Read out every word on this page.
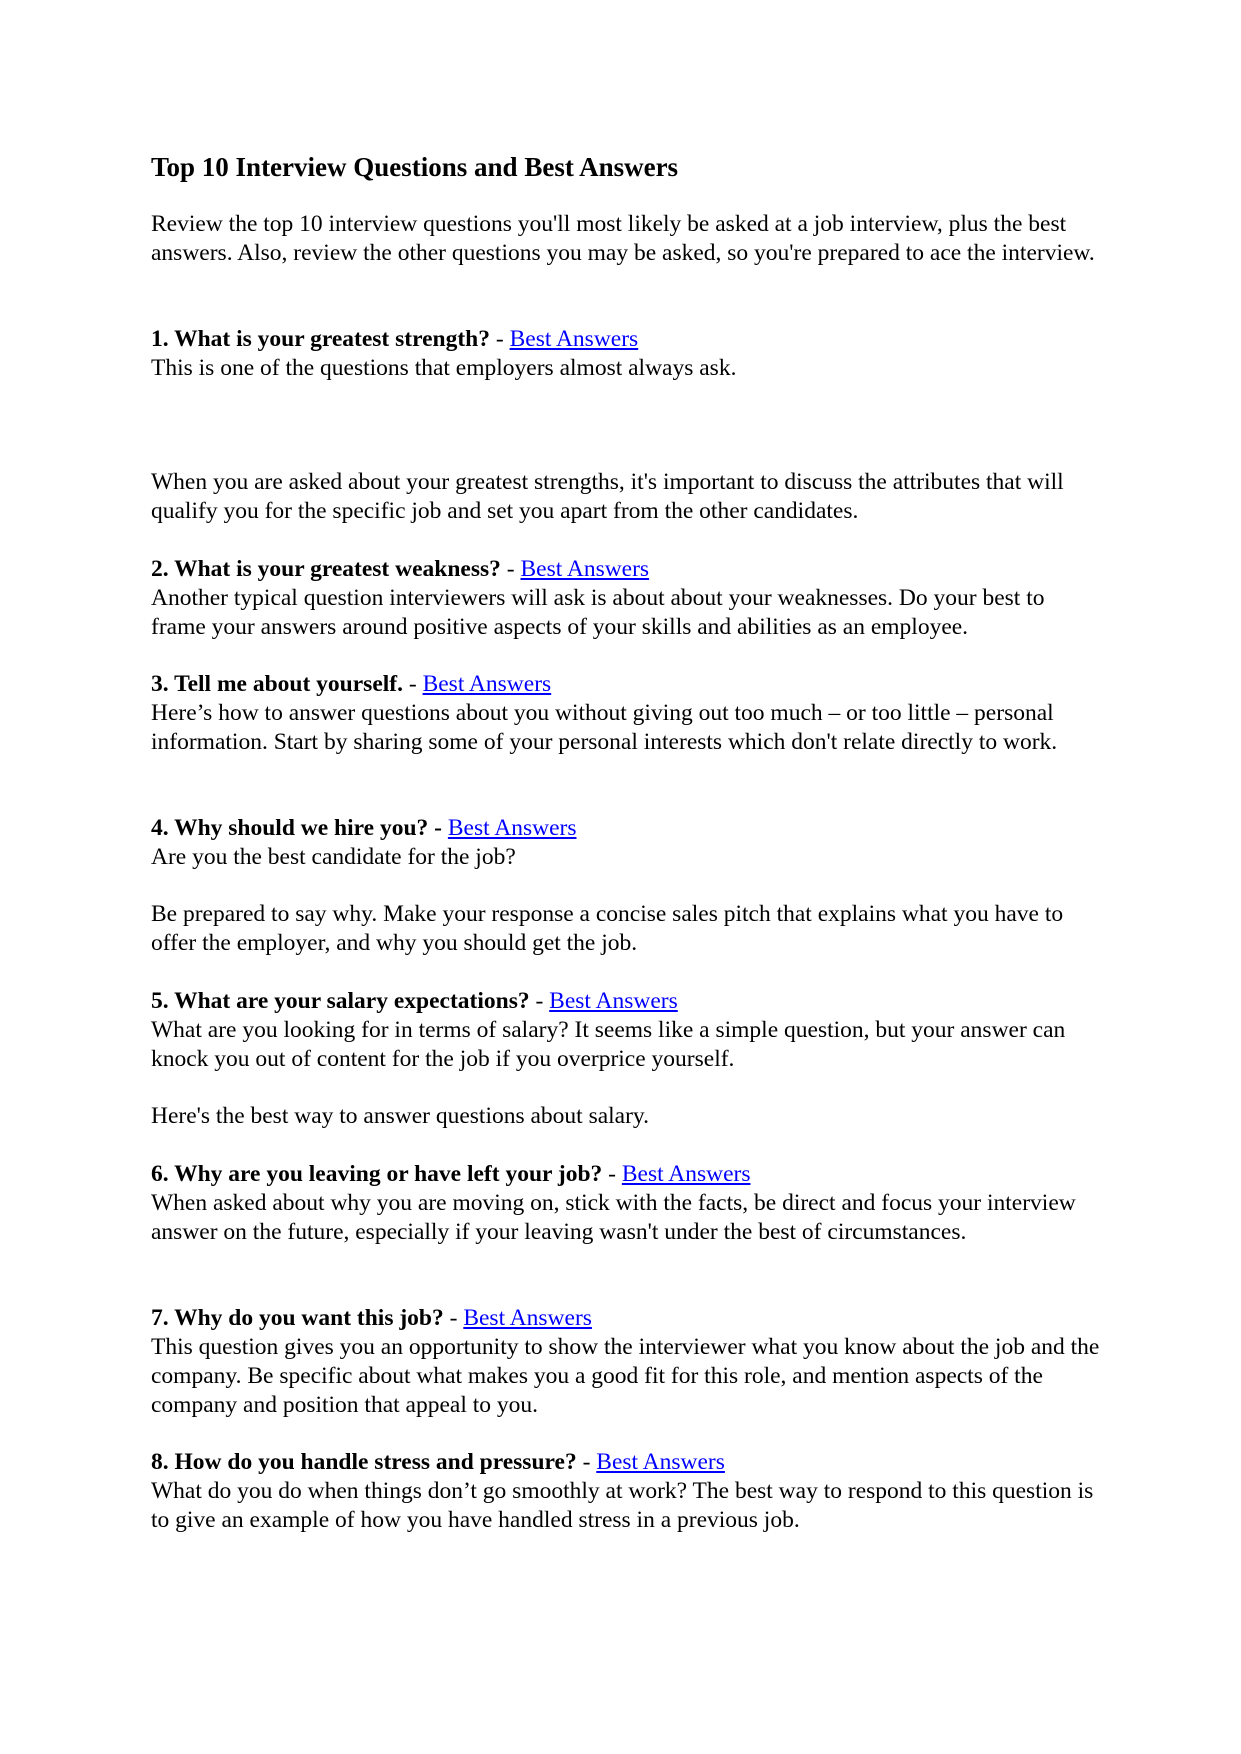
Top 10 Interview Questions and Best Answers

Review the top 10 interview questions you'll most likely be asked at a job interview, plus the best answers. Also, review the other questions you may be asked, so you're prepared to ace the interview.

1. What is your greatest strength? - Best Answers

This is one of the questions that employers almost always ask.

When you are asked about your greatest strengths, it's important to discuss the attributes that will qualify you for the specific job and set you apart from the other candidates.

2. What is your greatest weakness? - Best Answers

Another typical question interviewers will ask is about about your weaknesses. Do your best to frame your answers around positive aspects of your skills and abilities as an employee.

3. Tell me about yourself. - Best Answers

Here’s how to answer questions about you without giving out too much – or too little – personal information. Start by sharing some of your personal interests which don't relate directly to work.

4. Why should we hire you? - Best Answers

Are you the best candidate for the job?

Be prepared to say why. Make your response a concise sales pitch that explains what you have to offer the employer, and why you should get the job.

5. What are your salary expectations? - Best Answers

What are you looking for in terms of salary? It seems like a simple question, but your answer can knock you out of content for the job if you overprice yourself.

Here's the best way to answer questions about salary.

6. Why are you leaving or have left your job? - Best Answers

When asked about why you are moving on, stick with the facts, be direct and focus your interview answer on the future, especially if your leaving wasn't under the best of circumstances.

7. Why do you want this job? - Best Answers

This question gives you an opportunity to show the interviewer what you know about the job and the company. Be specific about what makes you a good fit for this role, and mention aspects of the company and position that appeal to you.

8. How do you handle stress and pressure? - Best Answers

What do you do when things don’t go smoothly at work? The best way to respond to this question is to give an example of how you have handled stress in a previous job.
